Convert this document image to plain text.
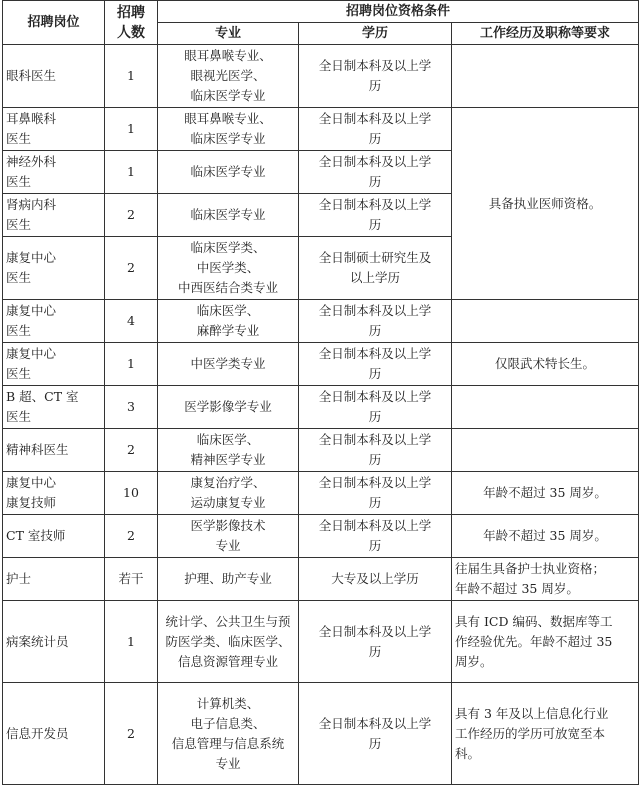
招聘岗位	招聘
人数	招聘岗位资格条件		
		专业	学历	工作经历及职称等要求

眼科医生	1	眼耳鼻喉专业、
眼视光医学、
临床医学专业	全日制本科及以上学
历	

耳鼻喉科
医生	1	眼耳鼻喉专业、
临床医学专业	全日制本科及以上学
历	具备执业医师资格。

神经外科
医生	1	临床医学专业	全日制本科及以上学
历	

肾病内科
医生	2	临床医学专业	全日制本科及以上学
历	

康复中心
医生	2	临床医学类、
中医学类、
中西医结合类专业	全日制硕士研究生及
以上学历	

康复中心
医生	4	临床医学、
麻醉学专业	全日制本科及以上学
历	

康复中心
医生	1	中医学类专业	全日制本科及以上学
历	仅限武术特长生。

B 超、CT 室
医生	3	医学影像学专业	全日制本科及以上学
历	

精神科医生	2	临床医学、
精神医学专业	全日制本科及以上学
历	

康复中心
康复技师	10	康复治疗学、
运动康复专业	全日制本科及以上学
历	年龄不超过 35 周岁。

CT 室技师	2	医学影像技术
专业	全日制本科及以上学
历	年龄不超过 35 周岁。

护士	若干	护理、助产专业	大专及以上学历	往届生具备护士执业资格；
年龄不超过 35 周岁。

病案统计员	1	统计学、公共卫生与预
防医学类、临床医学、
信息资源管理专业	全日制本科及以上学
历	具有 ICD 编码、数据库等工
作经验优先。年龄不超过 35
周岁。

信息开发员	2	计算机类、
电子信息类、
信息管理与信息系统
专业	全日制本科及以上学
历	具有 3 年及以上信息化行业
工作经历的学历可放宽至本
科。
